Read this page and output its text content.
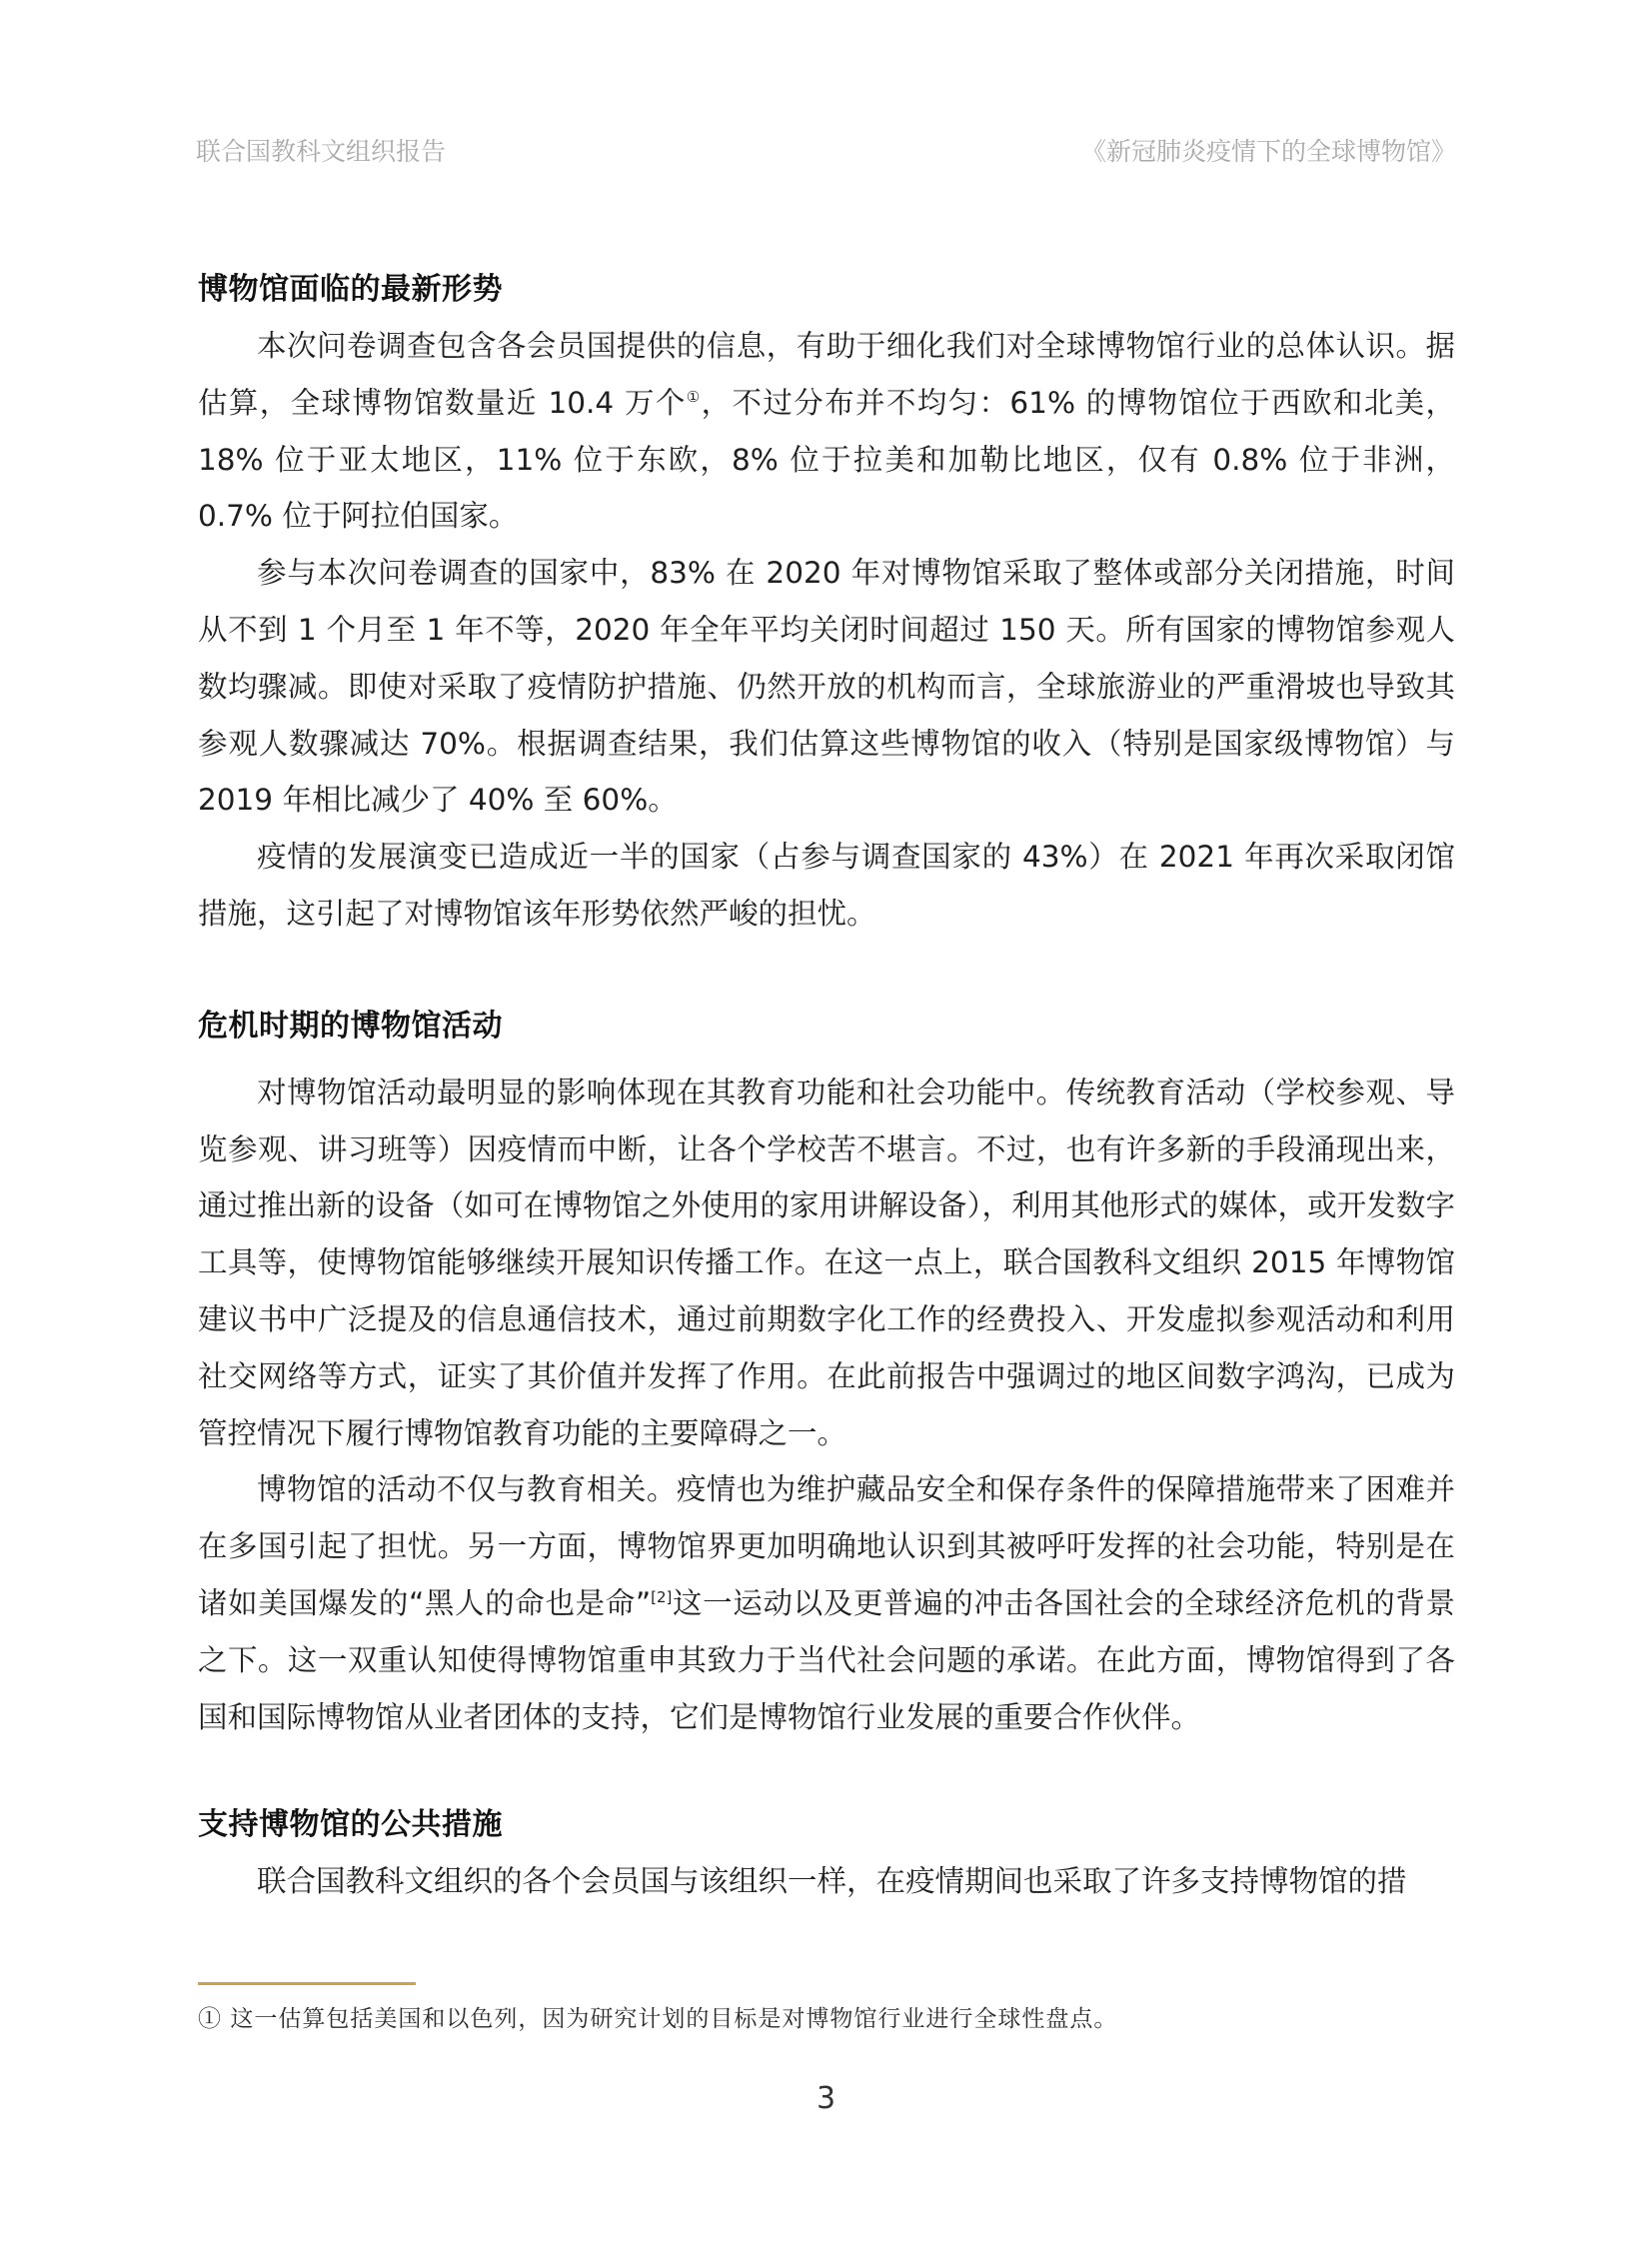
联合国教科文组织报告	《新冠肺炎疫情下的全球博物馆》
博物馆面临的最新形势

本次问卷调查包含各会员国提供的信息，有助于细化我们对全球博物馆行业的总体认识。据估算，全球博物馆数量近 10.4 万个①，不过分布并不均匀：61% 的博物馆位于西欧和北美，18% 位于亚太地区，11% 位于东欧，8% 位于拉美和加勒比地区，仅有 0.8% 位于非洲，0.7% 位于阿拉伯国家。

参与本次问卷调查的国家中，83% 在 2020 年对博物馆采取了整体或部分关闭措施，时间从不到 1 个月至 1 年不等，2020 年全年平均关闭时间超过 150 天。所有国家的博物馆参观人数均骤减。即使对采取了疫情防护措施、仍然开放的机构而言，全球旅游业的严重滑坡也导致其参观人数骤减达 70%。根据调查结果，我们估算这些博物馆的收入（特别是国家级博物馆）与 2019 年相比减少了 40% 至 60%。

疫情的发展演变已造成近一半的国家（占参与调查国家的 43%）在 2021 年再次采取闭馆措施，这引起了对博物馆该年形势依然严峻的担忧。

危机时期的博物馆活动

对博物馆活动最明显的影响体现在其教育功能和社会功能中。传统教育活动（学校参观、导览参观、讲习班等）因疫情而中断，让各个学校苦不堪言。不过，也有许多新的手段涌现出来，通过推出新的设备（如可在博物馆之外使用的家用讲解设备），利用其他形式的媒体，或开发数字工具等，使博物馆能够继续开展知识传播工作。在这一点上，联合国教科文组织 2015 年博物馆建议书中广泛提及的信息通信技术，通过前期数字化工作的经费投入、开发虚拟参观活动和利用社交网络等方式，证实了其价值并发挥了作用。在此前报告中强调过的地区间数字鸿沟，已成为管控情况下履行博物馆教育功能的主要障碍之一。

博物馆的活动不仅与教育相关。疫情也为维护藏品安全和保存条件的保障措施带来了困难并在多国引起了担忧。另一方面，博物馆界更加明确地认识到其被呼吁发挥的社会功能，特别是在诸如美国爆发的“黑人的命也是命”[2]这一运动以及更普遍的冲击各国社会的全球经济危机的背景之下。这一双重认知使得博物馆重申其致力于当代社会问题的承诺。在此方面，博物馆得到了各国和国际博物馆从业者团体的支持，它们是博物馆行业发展的重要合作伙伴。

支持博物馆的公共措施

联合国教科文组织的各个会员国与该组织一样，在疫情期间也采取了许多支持博物馆的措

① 这一估算包括美国和以色列，因为研究计划的目标是对博物馆行业进行全球性盘点。
3
